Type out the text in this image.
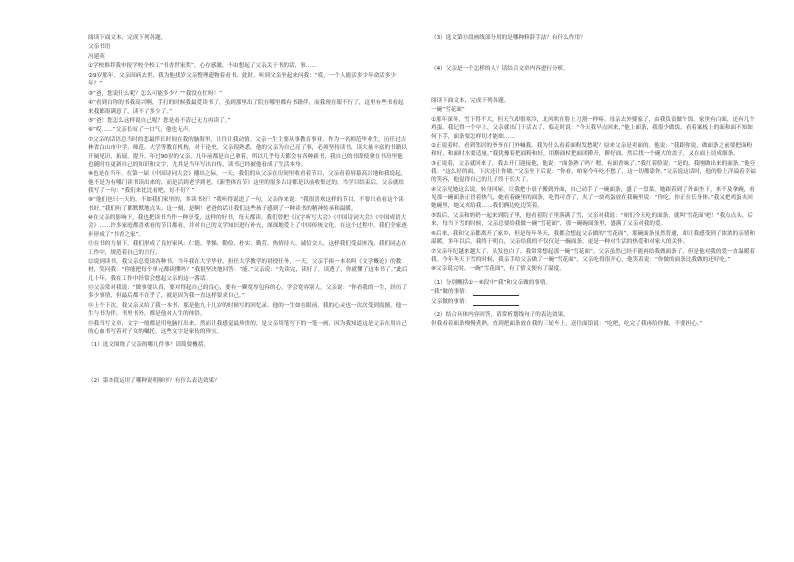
阅读下面文本，完成下列各题。

父亲书语

冯建英

①学校推荐我申报学校全校工“书香世家奖”，心存感激，不由想起了父亲关于书的话，事……

②9岁那年，父亲因病去世，我为他找岁父亲整理遗物着看书。此时，听到父亲坐起来问我：“哎，一个人能活多少年命活多少年？”

③“爸，您说什么呢？怎么可能多少？”“我没在忙呀！”

④“看到白你的书我高兴啊，手打的时候我最爱读书了，虽到那里出了院在哪里都有书籍伴，而我现在眼不行了，这里有些书看起来我都很满意了，读不了多少了。”

⑤“爸！您怎么这样说自己呢？您是看不清已无力再读了。”

⑥“哎……”父亲长叹了一口气，他也无声。

⑦父亲的话语总当时的悲最伴长时间在我的脑海里，让往让我动情。父亲一生主要从事教育事业，作为一名师范毕业生，历任过吉林省白山市中学、师范、大学等教育机构，对于论史，父亲很熟悉。他的父亲为自己亮了事，必须坚持读书，读大量丰富的书籍以开阔见识，拓展，提升。年过90岁的父亲，几年前都是自己拿着，所以几乎每天都会有各种新书，我自己的书即使拿在书房里他也随时在更新自己的知识和文字，尤其是当年写出自传，读书已经被他看成了生活本身。

⑧也是在当年。在第一届《中国诗词大会》播出之际，一天，我们的从父亲在房间里收看着节目，父亲看着屏幕高兴地和我说起，他不是为有哪门读书读出来的，而是活到老学到老，《新型体育节》这里的很多古诗都是以前收集过的，当学目结束后，父亲就给我写了一句：“我们来比比看吧，好不好？”

⑨“他们也只一天的，不如我们家里的，多读书好！”我听得说道了一句，父亲你来说：“我很喜欢这样的节目，不要只看看这个读书好。”我们听了都默默地点头。这一刻，是啊！老爸的话让我们这些孩子感到了一种读书的精神传承和温暖。

⑩在父亲的影响下，我也把读书当作一种享受，这样的好书，每天都读。我们曾把《汉字听写大会》《中国诗词大会》《中国成语大会》……许多家庭都喜欢看的节目都看，并对自己的文学知识进行补充，深深地爱上了中国传统文化。在这个过程中，我们全家逐步形成了“书香之家”。

⑪在书的力量下，我们形成了良好家风：仁德、孝悌、勤俭、朴实、勤劳、热情待人、诚信交人，这样我们受益匪浅，我们同志在工作中，规范着自己的言行。

⑫说到读书，我父亲总爱读各种书，当年我在大学毕业，担任大学教学的讲授任务，一天，父亲手捧一本名叫《文学概论》的教材，笑问我：“你能把每个单元都读懂吗？”我很坚决地回答：“能。”父亲说：“先读完，读好了，读透了，你就懂了这本书了。”此后几十年，我在工作中经常会想起父亲的这一番话。

⑬父亲常对我说：“做事要认真，要对得起自己的良心，要有一颗宽厚包容的心，学会宽容别人。父亲说：“你看我的一生，经历了多少事情，但最后都不在乎了，就是因为我一直这样要求自己。”

⑭上个下次，我父亲又给了我一本书，那是他九十几岁的时候写的回忆录。他的一生如在眼前，我的心灵也一次次受到震撼，他一生与书为伴，书里书外，都是他对人生的体悟。

⑮我当写文章，文字一般都是用电脑打出来，然而让我感觉最珍贵的，是父亲用笔写下的一笔一画，因为我知道这是父亲在用自己的心血书写着对子女的嘱托，这些文字是家传的珍宝。

（1）选文围绕了父亲的哪几件事？请简要概括。

（2）第⑦段运用了哪种说明顺序？有什么表达效果？

（3）选文第⑪段画线部分用的是哪种修辞手法？有什么作用？

（4）父亲是一个怎样的人？请结合文章内容进行分析。

阅读下面文本，完成下列各题。

一碗“雪花面”

①那年深冬，雪下得不大，但天气却很寒冷，北风吹在脸上刀割一样疼。母亲去外婆家了，由我负责做午饭。家里有白面，还有几个鸡蛋。我记得一个早上，父亲就出门干活去了，临走时说：“今天我早点回来，”他上面条，我很少做饭，看着案板上的面和面不知如何下手，面条要怎样切才能细……

②正说着时，看到邻居的爷爷在门外喊我。我为什么看着面粉发愁呢？原来父亲是卖面的。他说：“我跟你说，做面条之前要把面粉和好，和面时水要适量。”我犹豫着把面粉和好，用擀面杖把面团擀开，擀好面，然后找一个碗大的盖子，又在面上切成细条。

③正说着，父亲就回来了，我去开门迎接他，他说：“面条熟了吗？嗯，有面香味了。”我红着脸说：“是的，我刚做出来的面条。”他夸我：“这么好的面，下次还让你做。”父亲坐下后说：“你看，咱家今年吃不愁了，这一切都靠你。”父亲说这话时，他的脸上洋溢着幸福的笑容，他觉得自己的儿子终于长大了。

④父亲见她这么说，转身回屋，让我把小桌子搬到外面，自己动手了一碗面条，盛了一盘菜。她跟着到了外面坐下，来不及拿碗，看见那一碗面条正冒着热气，她看着碗里的面条，吃得可香了，夹了一块鸡蛋放在我碗里说：“你吃，你正在长身体。”我又把鸡蛋夹回她碗里，她又夹给我……我们俩边吃边笑着。

⑤饭后，父亲和奶奶一起来到院子里，他看着院子里落满了雪，父亲对我说：“咱们今天吃的面条，就叫‘雪花面’吧！”我点点头。后来，每当下雪的时候，父亲总要给我做一碗“雪花面”，那一碗碗面条里，盛满了父亲对我的爱。

⑥后来，我和父亲都离开了家乡，但是每年冬天，我都会想起父亲做的“雪花面”，那碗面条虽然普通，却让我感受到了浓浓的亲情和温暖。多年以后，我终于明白，父亲给我的不仅仅是一碗面条，更是一种对生活的热爱和对家人的关怀。

⑦父亲年纪越来越大了，头发也白了，我常常想起那一碗“雪花面”。父亲虽然已经不能再给我做面条了，但是他对我的爱一直温暖着我。今年冬天下雪的时候，我亲手给父亲做了一碗“雪花面”，父亲吃得很开心，他笑着说：“你做的面条比我做的还好吃。”

⑧父亲说完时，一碗“雪花面”，有了情义便有了温度。

（1）分别概括①～⑥段中“我”和父亲做的事情。

“我”做的事情：

父亲做的事情：

（2）结合具体内容回答，请赏析划线句子的表达效果。

但我看着面条慢慢煮熟，直到把面条放在我的三轮车上，送往面馆说：“吃吧，吃完了我再给你做，不要担心。”
